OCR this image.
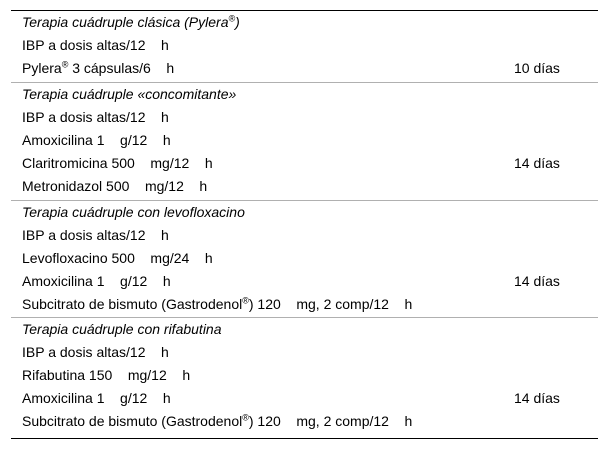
Terapia cuádruple clásica (Pylera®)
IBP a dosis altas/12    h
Pylera® 3 cápsulas/6    h	10 días
Terapia cuádruple «concomitante»
IBP a dosis altas/12    h
Amoxicilina 1    g/12    h
Claritromicina 500    mg/12    h	14 días
Metronidazol 500    mg/12    h
Terapia cuádruple con levofloxacino
IBP a dosis altas/12    h
Levofloxacino 500    mg/24    h
Amoxicilina 1    g/12    h	14 días
Subcitrato de bismuto (Gastrodenol®) 120    mg, 2 comp/12    h
Terapia cuádruple con rifabutina
IBP a dosis altas/12    h
Rifabutina 150    mg/12    h
Amoxicilina 1    g/12    h	14 días
Subcitrato de bismuto (Gastrodenol®) 120    mg, 2 comp/12    h
